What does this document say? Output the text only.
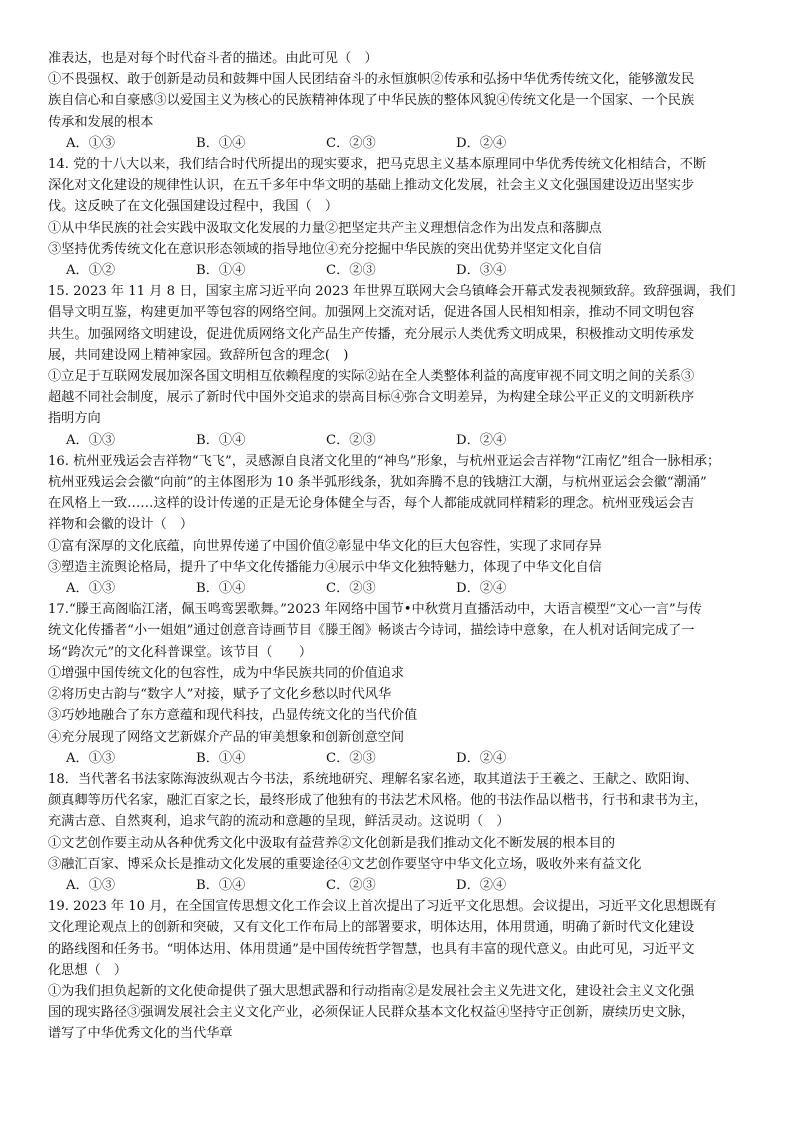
准表达，也是对每个时代奋斗者的描述。由此可见（　）
①不畏强权、敢于创新是动员和鼓舞中国人民团结奋斗的永恒旗帜②传承和弘扬中华优秀传统文化，能够激发民
族自信心和自豪感③以爱国主义为核心的民族精神体现了中华民族的整体风貌④传统文化是一个国家、一个民族
传承和发展的根本
A．①③	B．①④	C．②③	D．②④
14. 党的十八大以来，我们结合时代所提出的现实要求，把马克思主义基本原理同中华优秀传统文化相结合，不断
深化对文化建设的规律性认识，在五千多年中华文明的基础上推动文化发展，社会主义文化强国建设迈出坚实步
伐。这反映了在文化强国建设过程中，我国（　）
①从中华民族的社会实践中汲取文化发展的力量②把坚定共产主义理想信念作为出发点和落脚点
③坚持优秀传统文化在意识形态领域的指导地位④充分挖掘中华民族的突出优势并坚定文化自信
A．①②	B．①④	C．②③	D．③④
15. 2023 年 11 月 8 日，国家主席习近平向 2023 年世界互联网大会乌镇峰会开幕式发表视频致辞。致辞强调，我们
倡导文明互鉴，构建更加平等包容的网络空间。加强网上交流对话，促进各国人民相知相亲，推动不同文明包容
共生。加强网络文明建设，促进优质网络文化产品生产传播，充分展示人类优秀文明成果，积极推动文明传承发
展，共同建设网上精神家园。致辞所包含的理念(　)
①立足于互联网发展加深各国文明相互依赖程度的实际②站在全人类整体利益的高度审视不同文明之间的关系③
超越不同社会制度，展示了新时代中国外交追求的崇高目标④弥合文明差异，为构建全球公平正义的文明新秩序
指明方向
A．①③	B．①④	C．②③	D．②④
16. 杭州亚残运会吉祥物“飞飞”，灵感源自良渚文化里的“神鸟”形象，与杭州亚运会吉祥物“江南忆”组合一脉相承；
杭州亚残运会会徽“向前”的主体图形为 10 条半弧形线条，犹如奔腾不息的钱塘江大潮，与杭州亚运会会徽“潮涌”
在风格上一致……这样的设计传递的正是无论身体健全与否，每个人都能成就同样精彩的理念。杭州亚残运会吉
祥物和会徽的设计（　）
①富有深厚的文化底蕴，向世界传递了中国价值②彰显中华文化的巨大包容性，实现了求同存异
③塑造主流舆论格局，提升了中华文化传播能力④展示中华文化独特魅力，体现了中华文化自信
A．①③	B．①④	C．②③	D．②④
17.“滕王高阁临江渚，佩玉鸣鸾罢歌舞。”2023 年网络中国节•中秋赏月直播活动中，大语言模型“文心一言”与传
统文化传播者“小一姐姐”通过创意音诗画节目《滕王阁》畅谈古今诗词，描绘诗中意象，在人机对话间完成了一
场“跨次元”的文化科普课堂。该节目（　　）
①增强中国传统文化的包容性，成为中华民族共同的价值追求
②将历史古韵与“数字人”对接，赋予了文化乡愁以时代风华
③巧妙地融合了东方意蕴和现代科技，凸显传统文化的当代价值
④充分展现了网络文艺新媒介产品的审美想象和创新创意空间
A．①③	B．①④	C．②③	D．②④
18．当代著名书法家陈海波纵观古今书法，系统地研究、理解名家名迹，取其道法于王羲之、王献之、欧阳询、
颜真卿等历代名家，融汇百家之长，最终形成了他独有的书法艺术风格。他的书法作品以楷书，行书和隶书为主，
充满古意、自然爽利，追求气韵的流动和意趣的呈现，鲜活灵动。这说明（　）
①文艺创作要主动从各种优秀文化中汲取有益营养②文化创新是我们推动文化不断发展的根本目的
③融汇百家、博采众长是推动文化发展的重要途径④文艺创作要坚守中华文化立场，吸收外来有益文化
A．①③	B．①④	C．②③	D．②④
19. 2023 年 10 月，在全国宣传思想文化工作会议上首次提出了习近平文化思想。会议提出，习近平文化思想既有
文化理论观点上的创新和突破，又有文化工作布局上的部署要求，明体达用，体用贯通，明确了新时代文化建设
的路线图和任务书。“明体达用、体用贯通”是中国传统哲学智慧，也具有丰富的现代意义。由此可见，习近平文
化思想（　）
①为我们担负起新的文化使命提供了强大思想武器和行动指南②是发展社会主义先进文化，建设社会主义文化强
国的现实路径③强调发展社会主义文化产业，必须保证人民群众基本文化权益④坚持守正创新，赓续历史文脉，
谱写了中华优秀文化的当代华章
